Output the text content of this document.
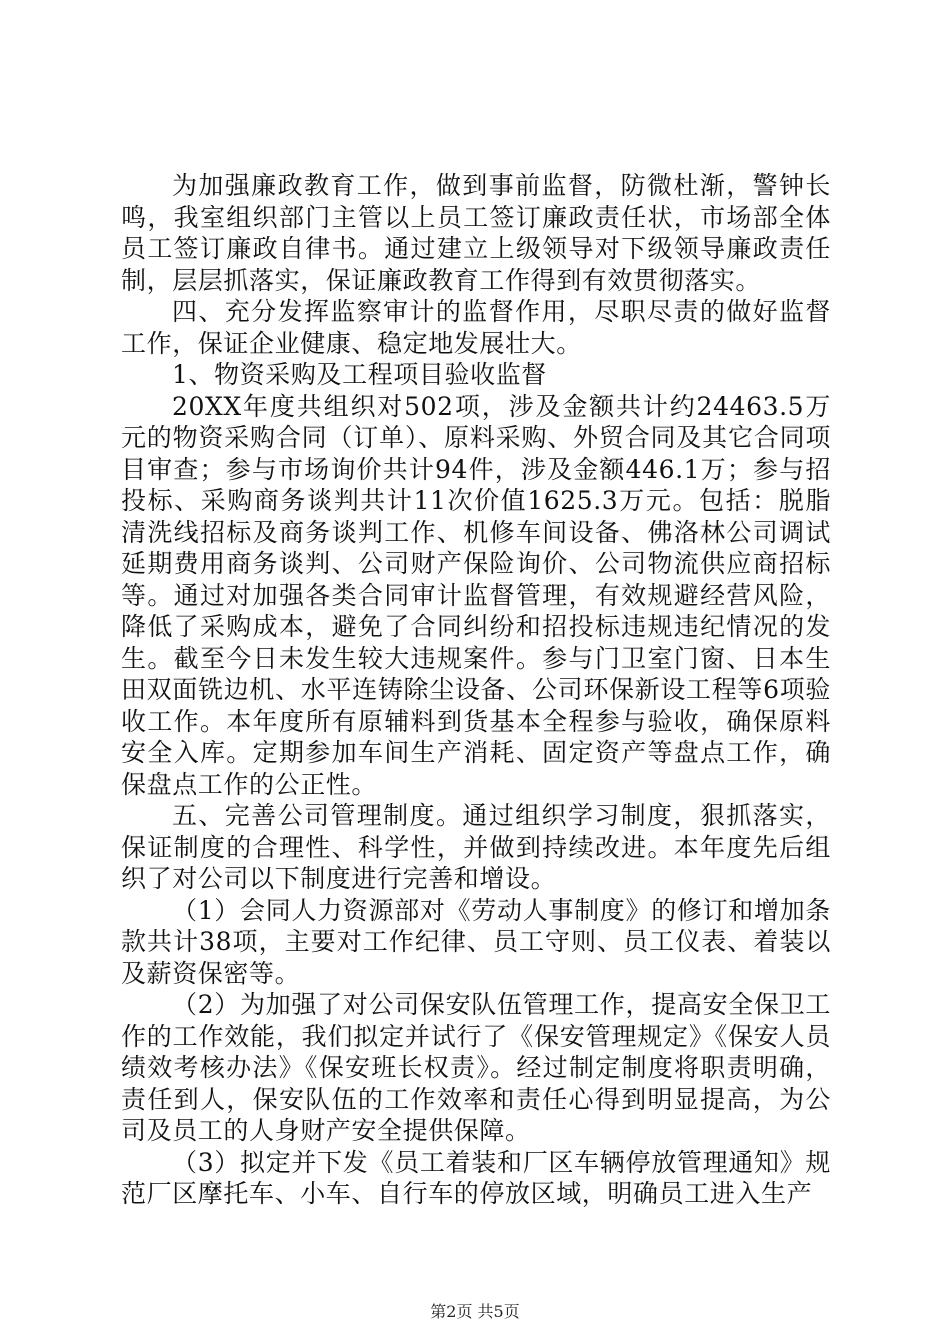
为加强廉政教育工作，做到事前监督，防微杜渐，警钟长鸣，我室组织部门主管以上员工签订廉政责任状，市场部全体员工签订廉政自律书。通过建立上级领导对下级领导廉政责任制，层层抓落实，保证廉政教育工作得到有效贯彻落实。

四、充分发挥监察审计的监督作用，尽职尽责的做好监督工作，保证企业健康、稳定地发展壮大。

1、物资采购及工程项目验收监督

20XX年度共组织对502项，涉及金额共计约24463.5万元的物资采购合同（订单）、原料采购、外贸合同及其它合同项目审查；参与市场询价共计94件，涉及金额446.1万；参与招投标、采购商务谈判共计11次价值1625.3万元。包括：脱脂清洗线招标及商务谈判工作、机修车间设备、佛洛林公司调试延期费用商务谈判、公司财产保险询价、公司物流供应商招标等。通过对加强各类合同审计监督管理，有效规避经营风险，降低了采购成本，避免了合同纠纷和招投标违规违纪情况的发生。截至今日未发生较大违规案件。参与门卫室门窗、日本生田双面铣边机、水平连铸除尘设备、公司环保新设工程等6项验收工作。本年度所有原辅料到货基本全程参与验收，确保原料安全入库。定期参加车间生产消耗、固定资产等盘点工作，确保盘点工作的公正性。

五、完善公司管理制度。通过组织学习制度，狠抓落实，保证制度的合理性、科学性，并做到持续改进。本年度先后组织了对公司以下制度进行完善和增设。

（1）会同人力资源部对《劳动人事制度》的修订和增加条款共计38项，主要对工作纪律、员工守则、员工仪表、着装以及薪资保密等。

（2）为加强了对公司保安队伍管理工作，提高安全保卫工作的工作效能，我们拟定并试行了《保安管理规定》《保安人员绩效考核办法》《保安班长权责》。经过制定制度将职责明确，责任到人，保安队伍的工作效率和责任心得到明显提高，为公司及员工的人身财产安全提供保障。

（3）拟定并下发《员工着装和厂区车辆停放管理通知》规范厂区摩托车、小车、自行车的停放区域，明确员工进入生产

第2页 共5页
